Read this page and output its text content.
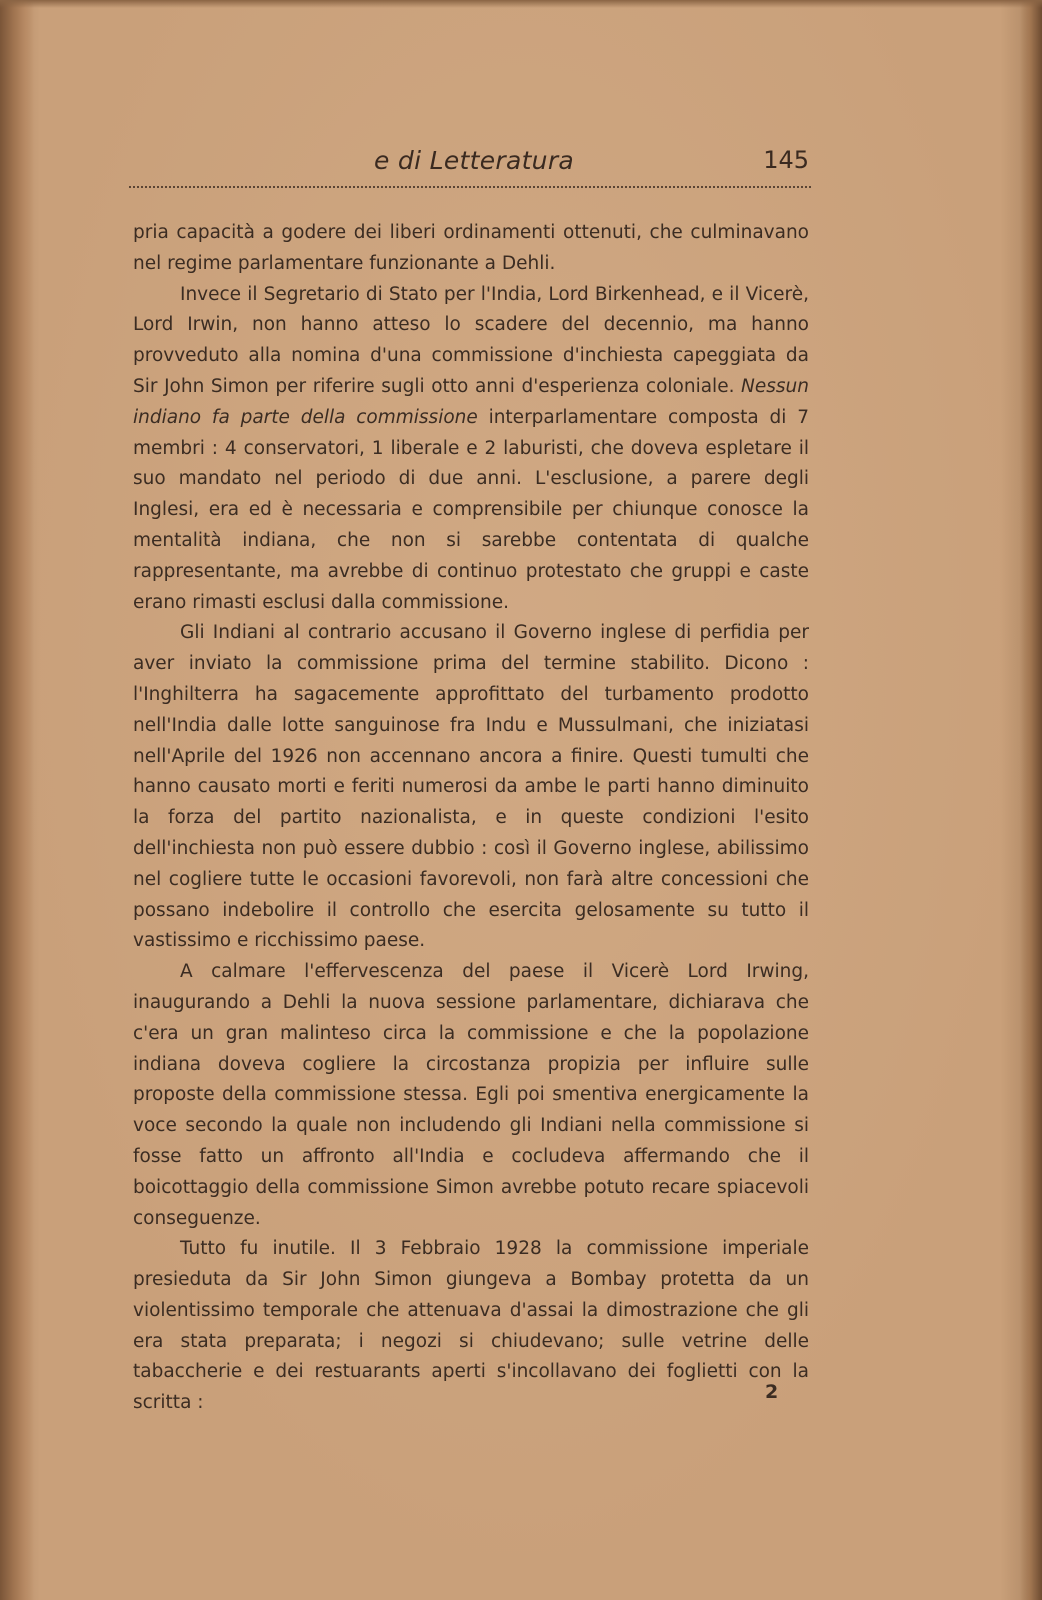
e di Letteratura	145

pria capacità a godere dei liberi ordinamenti ottenuti, che culminavano nel regime parlamentare funzionante a Dehli.

Invece il Segretario di Stato per l'India, Lord Birkenhead, e il Vicerè, Lord Irwin, non hanno atteso lo scadere del decennio, ma hanno provveduto alla nomina d'una commissione d'inchiesta capeggiata da Sir John Simon per riferire sugli otto anni d'esperienza coloniale. Nessun indiano fa parte della commissione interparlamentare composta di 7 membri : 4 conservatori, 1 liberale e 2 laburisti, che doveva espletare il suo mandato nel periodo di due anni. L'esclusione, a parere degli Inglesi, era ed è necessaria e comprensibile per chiunque conosce la mentalità indiana, che non si sarebbe contentata di qualche rappresentante, ma avrebbe di continuo protestato che gruppi e caste erano rimasti esclusi dalla commissione.

Gli Indiani al contrario accusano il Governo inglese di perfidia per aver inviato la commissione prima del termine stabilito. Dicono : l'Inghilterra ha sagacemente approfittato del turbamento prodotto nell'India dalle lotte sanguinose fra Indu e Mussulmani, che iniziatasi nell'Aprile del 1926 non accennano ancora a finire. Questi tumulti che hanno causato morti e feriti numerosi da ambe le parti hanno diminuito la forza del partito nazionalista, e in queste condizioni l'esito dell'inchiesta non può essere dubbio : così il Governo inglese, abilissimo nel cogliere tutte le occasioni favorevoli, non farà altre concessioni che possano indebolire il controllo che esercita gelosamente su tutto il vastissimo e ricchissimo paese.

A calmare l'effervescenza del paese il Vicerè Lord Irwing, inaugurando a Dehli la nuova sessione parlamentare, dichiarava che c'era un gran malinteso circa la commissione e che la popolazione indiana doveva cogliere la circostanza propizia per influire sulle proposte della commissione stessa. Egli poi smentiva energicamente la voce secondo la quale non includendo gli Indiani nella commissione si fosse fatto un affronto all'India e cocludeva affermando che il boicottaggio della commissione Simon avrebbe potuto recare spiacevoli conseguenze.

Tutto fu inutile. Il 3 Febbraio 1928 la commissione imperiale presieduta da Sir John Simon giungeva a Bombay protetta da un violentissimo temporale che attenuava d'assai la dimostrazione che gli era stata preparata; i negozi si chiudevano; sulle vetrine delle tabaccherie e dei restuarants aperti s'incollavano dei foglietti con la scritta :	2
